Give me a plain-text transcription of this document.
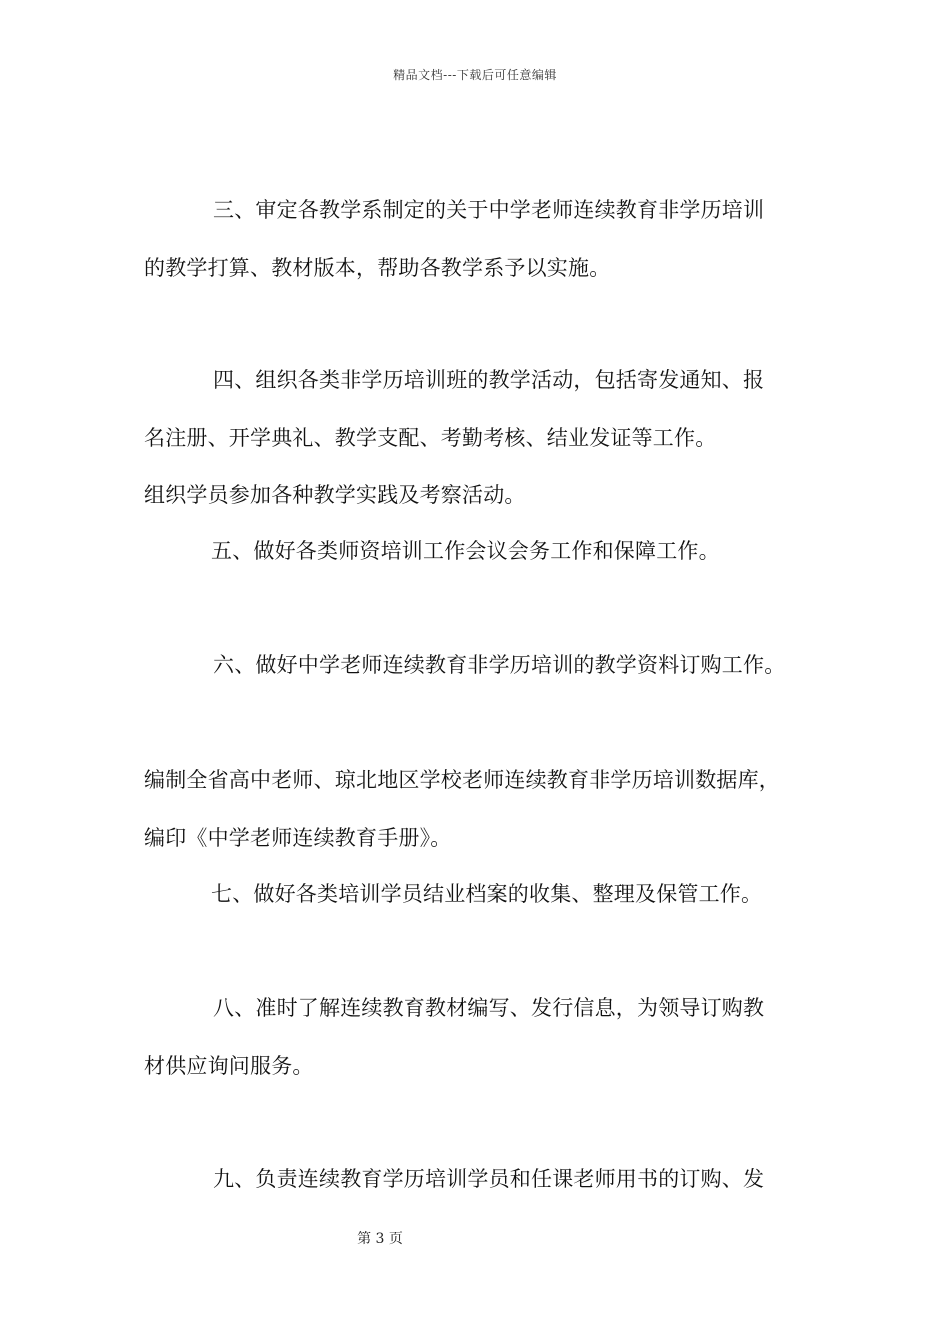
精品文档---下载后可任意编辑
三、审定各教学系制定的关于中学老师连续教育非学历培训
的教学打算、教材版本，帮助各教学系予以实施。
四、组织各类非学历培训班的教学活动，包括寄发通知、报
名注册、开学典礼、教学支配、考勤考核、结业发证等工作。
组织学员参加各种教学实践及考察活动。
五、做好各类师资培训工作会议会务工作和保障工作。
六、做好中学老师连续教育非学历培训的教学资料订购工作。
编制全省高中老师、琼北地区学校老师连续教育非学历培训数据库，
编印《中学老师连续教育手册》。
七、做好各类培训学员结业档案的收集、整理及保管工作。
八、准时了解连续教育教材编写、发行信息，为领导订购教
材供应询问服务。
九、负责连续教育学历培训学员和任课老师用书的订购、发
第 3 页
